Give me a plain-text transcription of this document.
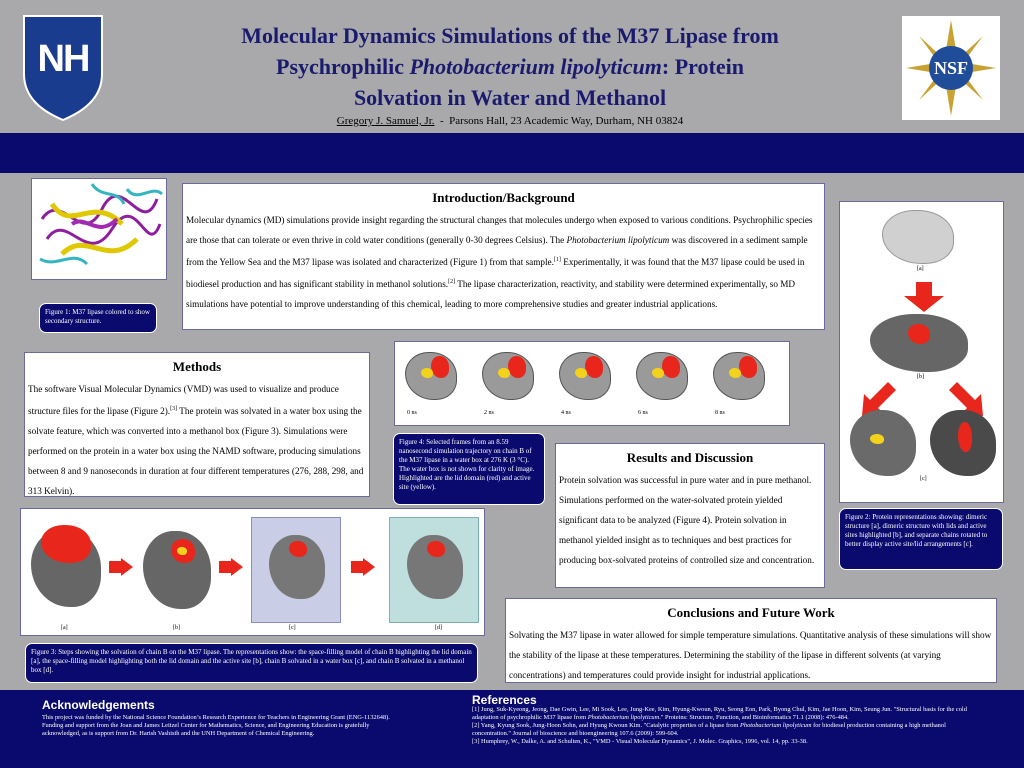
NH	NSF
Molecular Dynamics Simulations of the M37 Lipase from
Psychrophilic Photobacterium lipolyticum: Protein
Solvation in Water and Methanol
Gregory J. Samuel, Jr.  -  Parsons Hall, 23 Academic Way, Durham, NH 03824
Figure 1: M37 lipase colored to show secondary structure.
Introduction/Background

Molecular dynamics (MD) simulations provide insight regarding the structural changes that molecules undergo when exposed to various conditions. Psychrophilic species are those that can tolerate or even thrive in cold water conditions (generally 0-30 degrees Celsius). The Photobacterium lipolyticum was discovered in a sediment sample from the Yellow Sea and the M37 lipase was isolated and characterized (Figure 1) from that sample.[1] Experimentally, it was found that the M37 lipase could be used in biodiesel production and has significant stability in methanol solutions.[2] The lipase characterization, reactivity, and stability were determined experimentally, so MD simulations have potential to improve understanding of this chemical, leading to more comprehensive studies and greater industrial applications.

[a]
[b]
[c]
Figure 2: Protein representations showing: dimeric structure [a], dimeric structure with lids and active sites highlighted [b], and separate chains rotated to better display active site/lid arrangements [c].
Methods

The software Visual Molecular Dynamics (VMD) was used to visualize and produce structure files for the lipase (Figure 2).[3] The protein was solvated in a water box using the solvate feature, which was converted into a methanol box (Figure 3). Simulations were performed on the protein in a water box using the NAMD software, producing simulations between 8 and 9 nanoseconds in duration at four different temperatures (276, 288, 298, and 313 Kelvin).

0 ns	2 ns	4 ns	6 ns	8 ns
Figure 4: Selected frames from an 8.59 nanosecond simulation trajectory on chain B of the M37 lipase in a water box at 276 K (3 °C). The water box is not shown for clarity of image. Highlighted are the lid domain (red) and active site (yellow).
Results and Discussion

Protein solvation was successful in pure water and in pure methanol. Simulations performed on the water-solvated protein yielded significant data to be analyzed (Figure 4). Protein solvation in methanol yielded insight as to techniques and best practices for producing box-solvated proteins of controlled size and concentration.

[a]	[b]	[c]	[d]
Figure 3: Steps showing the solvation of chain B on the M37 lipase. The representations show: the space-filling model of chain B highlighting the lid domain [a], the space-filling model highlighting both the lid domain and the active site [b], chain B solvated in a water box [c], and chain B solvated in a methanol box [d].
Conclusions and Future Work

Solvating the M37 lipase in water allowed for simple temperature simulations. Quantitative analysis of these simulations will show the stability of the lipase at these temperatures. Determining the stability of the lipase in different solvents (at varying concentrations) and temperatures could provide insight for industrial applications.

Acknowledgements
This project was funded by the National Science Foundation’s Research Experience for Teachers in Engineering Grant (ENG-1132648). Funding and support from the Joan and James Leitzel Center for Mathematics, Science, and Engineering Education is gratefully acknowledged, as is support from Dr. Harish Vashisth and the UNH Department of Chemical Engineering.
References
[1] Jung, Suk-Kyeong, Jeong, Dae Gwin, Lee, Mi Sook, Lee, Jung-Kee, Kim, Hyung-Kwoun, Ryu, Seong Eon, Park, Byong Chul, Kim, Jae Hoon, Kim, Seung Jun. "Structural basis for the cold adaptation of psychrophilic M37 lipase from Photobacterium lipolyticum." Proteins: Structure, Function, and Bioinformatics 71.1 (2008): 476-484.
[2] Yang, Kyung Sook, Jung-Hoon Sohn, and Hyung Kwoun Kim. "Catalytic properties of a lipase from Photobacterium lipolyticum for biodiesel production containing a high methanol concentration." Journal of bioscience and bioengineering 107.6 (2009): 599-604.
[3] Humphrey, W., Dalke, A. and Schulten, K., "VMD - Visual Molecular Dynamics", J. Molec. Graphics, 1996, vol. 14, pp. 33-38.
